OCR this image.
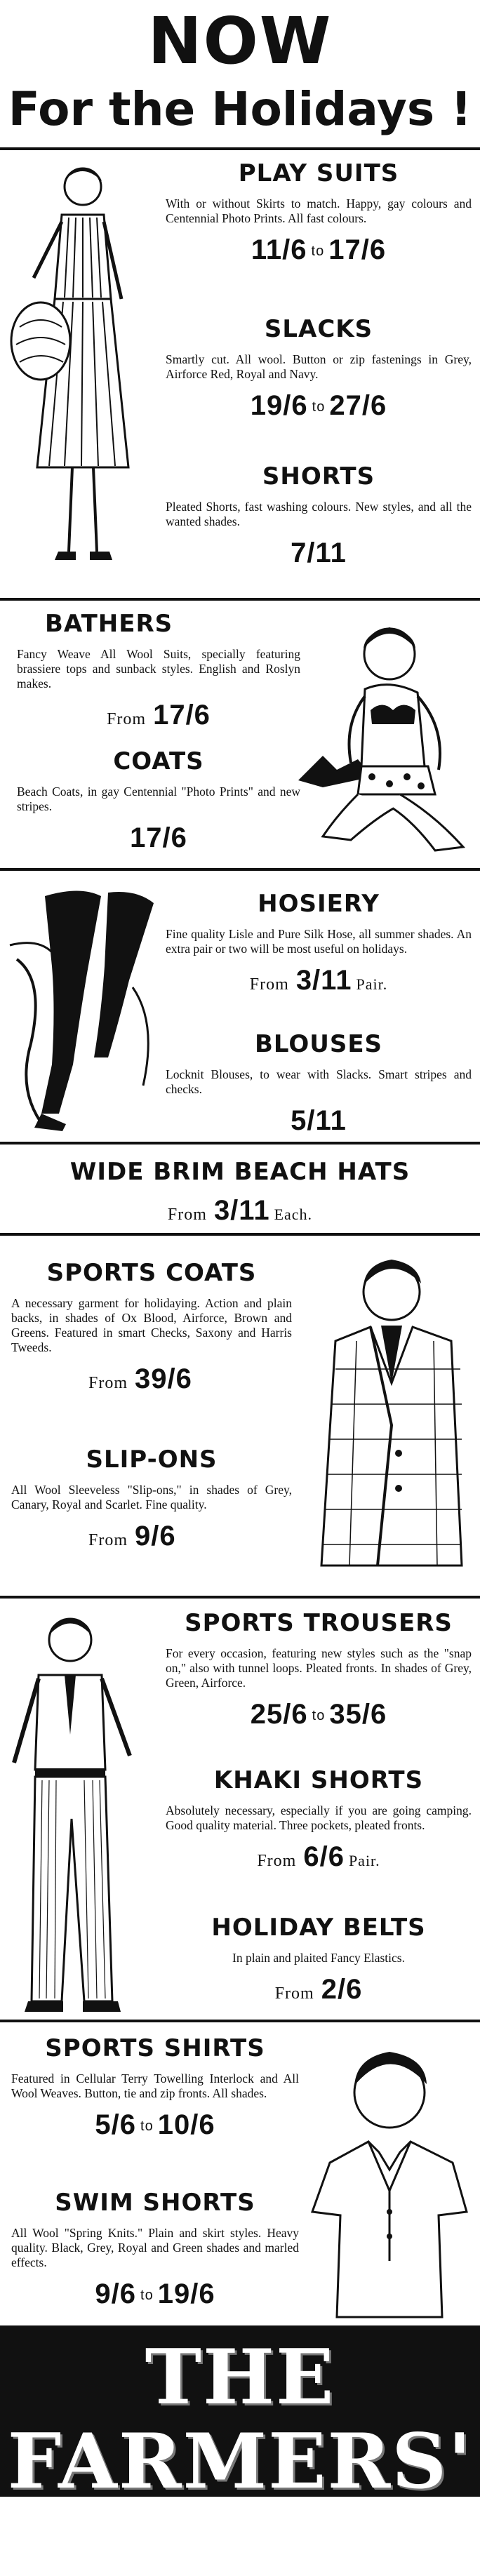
NOW
For the Holidays !
PLAY SUITS

With or without Skirts to match. Happy, gay colours and Centennial Photo Prints. All fast colours.

11/6 to 17/6
SLACKS

Smartly cut. All wool. Button or zip fastenings in Grey, Airforce Red, Royal and Navy.

19/6 to 27/6
SHORTS

Pleated Shorts, fast washing colours. New styles, and all the wanted shades.

7/11
BATHERS

Fancy Weave All Wool Suits, specially featuring brassiere tops and sunback styles. English and Roslyn makes.

From 17/6
COATS

Beach Coats, in gay Centennial "Photo Prints" and new stripes.

17/6
HOSIERY

Fine quality Lisle and Pure Silk Hose, all summer shades. An extra pair or two will be most useful on holidays.

From 3/11 Pair.
BLOUSES

Locknit Blouses, to wear with Slacks. Smart stripes and checks.

5/11
WIDE BRIM BEACH HATS
From 3/11 Each.
SPORTS COATS

A necessary garment for holidaying. Action and plain backs, in shades of Ox Blood, Airforce, Brown and Greens. Featured in smart Checks, Saxony and Harris Tweeds.

From 39/6
SLIP-ONS

All Wool Sleeveless "Slip-ons," in shades of Grey, Canary, Royal and Scarlet. Fine quality.

From 9/6
SPORTS TROUSERS

For every occasion, featuring new styles such as the "snap on," also with tunnel loops. Pleated fronts. In shades of Grey, Green, Airforce.

25/6 to 35/6
KHAKI SHORTS

Absolutely necessary, especially if you are going camping. Good quality material. Three pockets, pleated fronts.

From 6/6 Pair.
HOLIDAY BELTS

In plain and plaited Fancy Elastics.

From 2/6
SPORTS SHIRTS

Featured in Cellular Terry Towelling Interlock and All Wool Weaves. Button, tie and zip fronts. All shades.

5/6 to 10/6
SWIM SHORTS

All Wool "Spring Knits." Plain and skirt styles. Heavy quality. Black, Grey, Royal and Green shades and marled effects.

9/6 to 19/6
THE FARMERS'
( W.F.C.A. LTD. )
"THE SENIOR STORE"
